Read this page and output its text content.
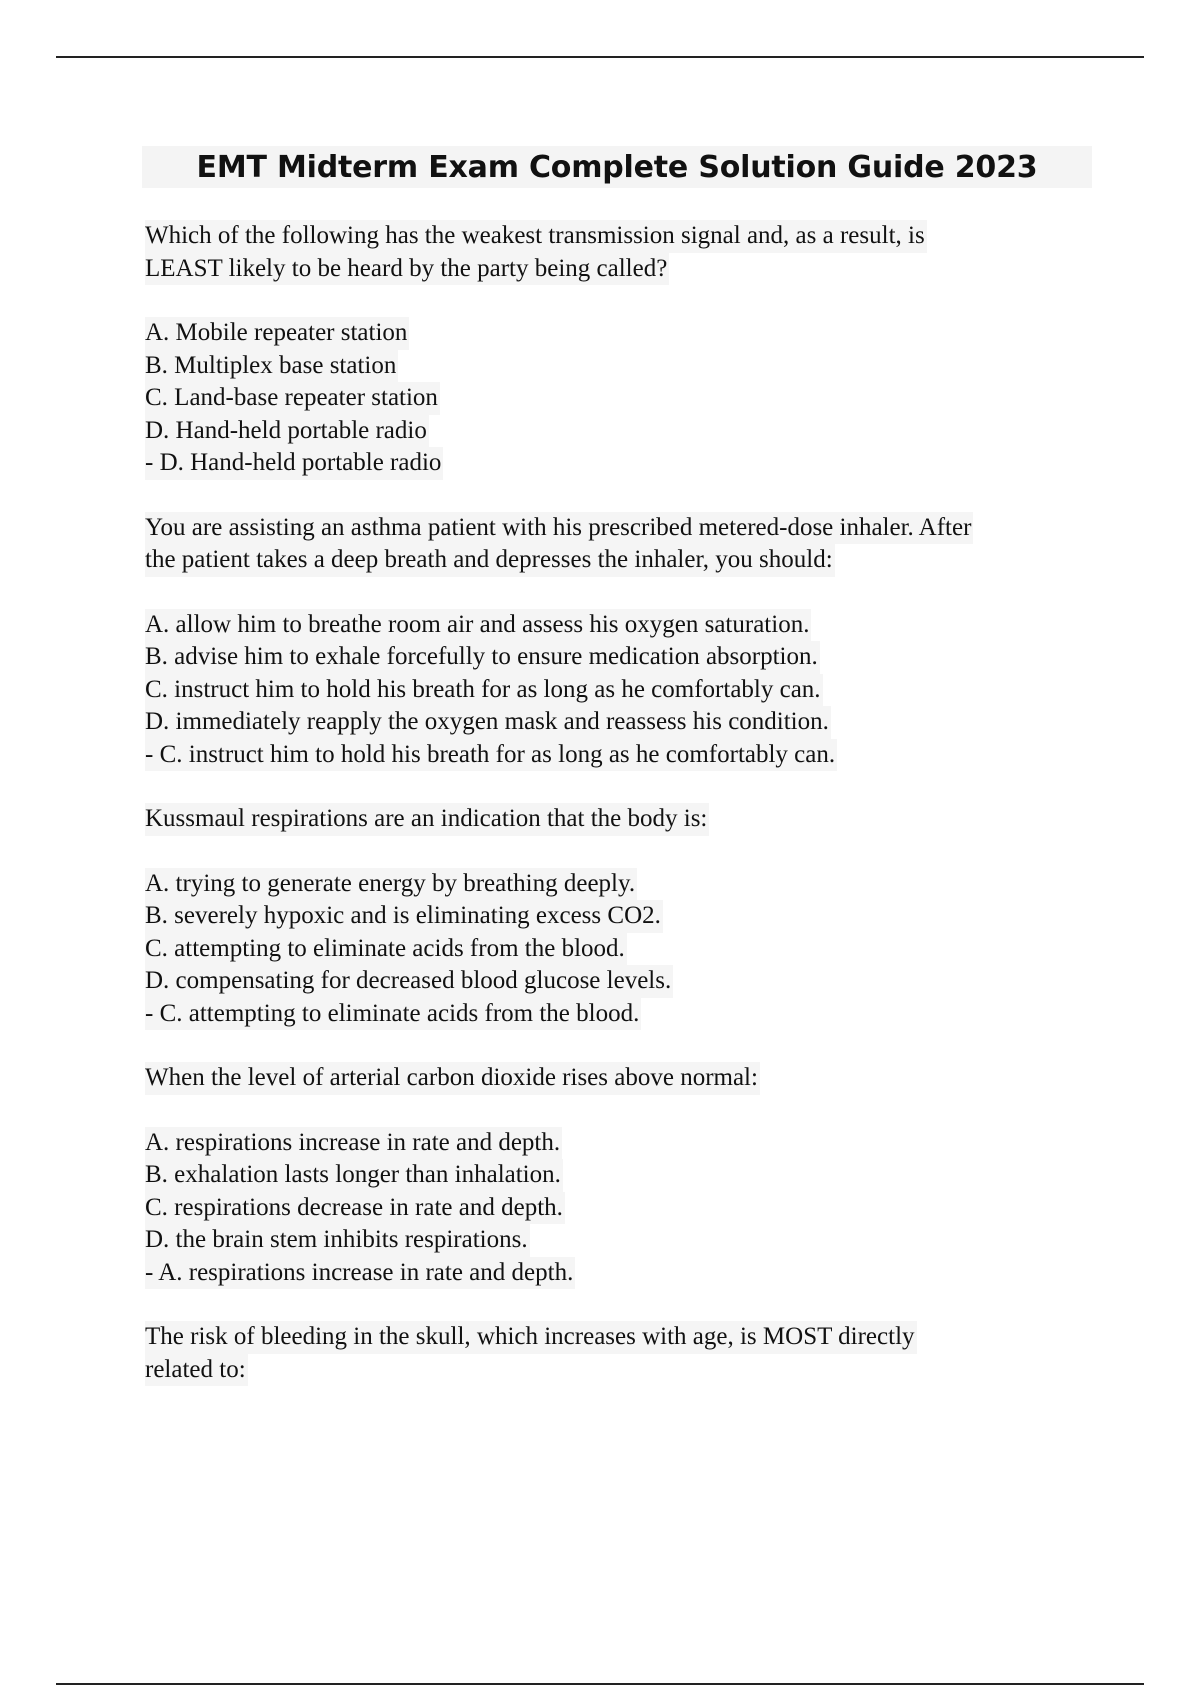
EMT Midterm Exam Complete Solution Guide 2023
Which of the following has the weakest transmission signal and, as a result, is
LEAST likely to be heard by the party being called?
A. Mobile repeater station
B. Multiplex base station
C. Land-base repeater station
D. Hand-held portable radio
- D. Hand-held portable radio
You are assisting an asthma patient with his prescribed metered-dose inhaler. After
the patient takes a deep breath and depresses the inhaler, you should:
A. allow him to breathe room air and assess his oxygen saturation.
B. advise him to exhale forcefully to ensure medication absorption.
C. instruct him to hold his breath for as long as he comfortably can.
D. immediately reapply the oxygen mask and reassess his condition.
- C. instruct him to hold his breath for as long as he comfortably can.
Kussmaul respirations are an indication that the body is:
A. trying to generate energy by breathing deeply.
B. severely hypoxic and is eliminating excess CO2.
C. attempting to eliminate acids from the blood.
D. compensating for decreased blood glucose levels.
- C. attempting to eliminate acids from the blood.
When the level of arterial carbon dioxide rises above normal:
A. respirations increase in rate and depth.
B. exhalation lasts longer than inhalation.
C. respirations decrease in rate and depth.
D. the brain stem inhibits respirations.
- A. respirations increase in rate and depth.
The risk of bleeding in the skull, which increases with age, is MOST directly
related to:
